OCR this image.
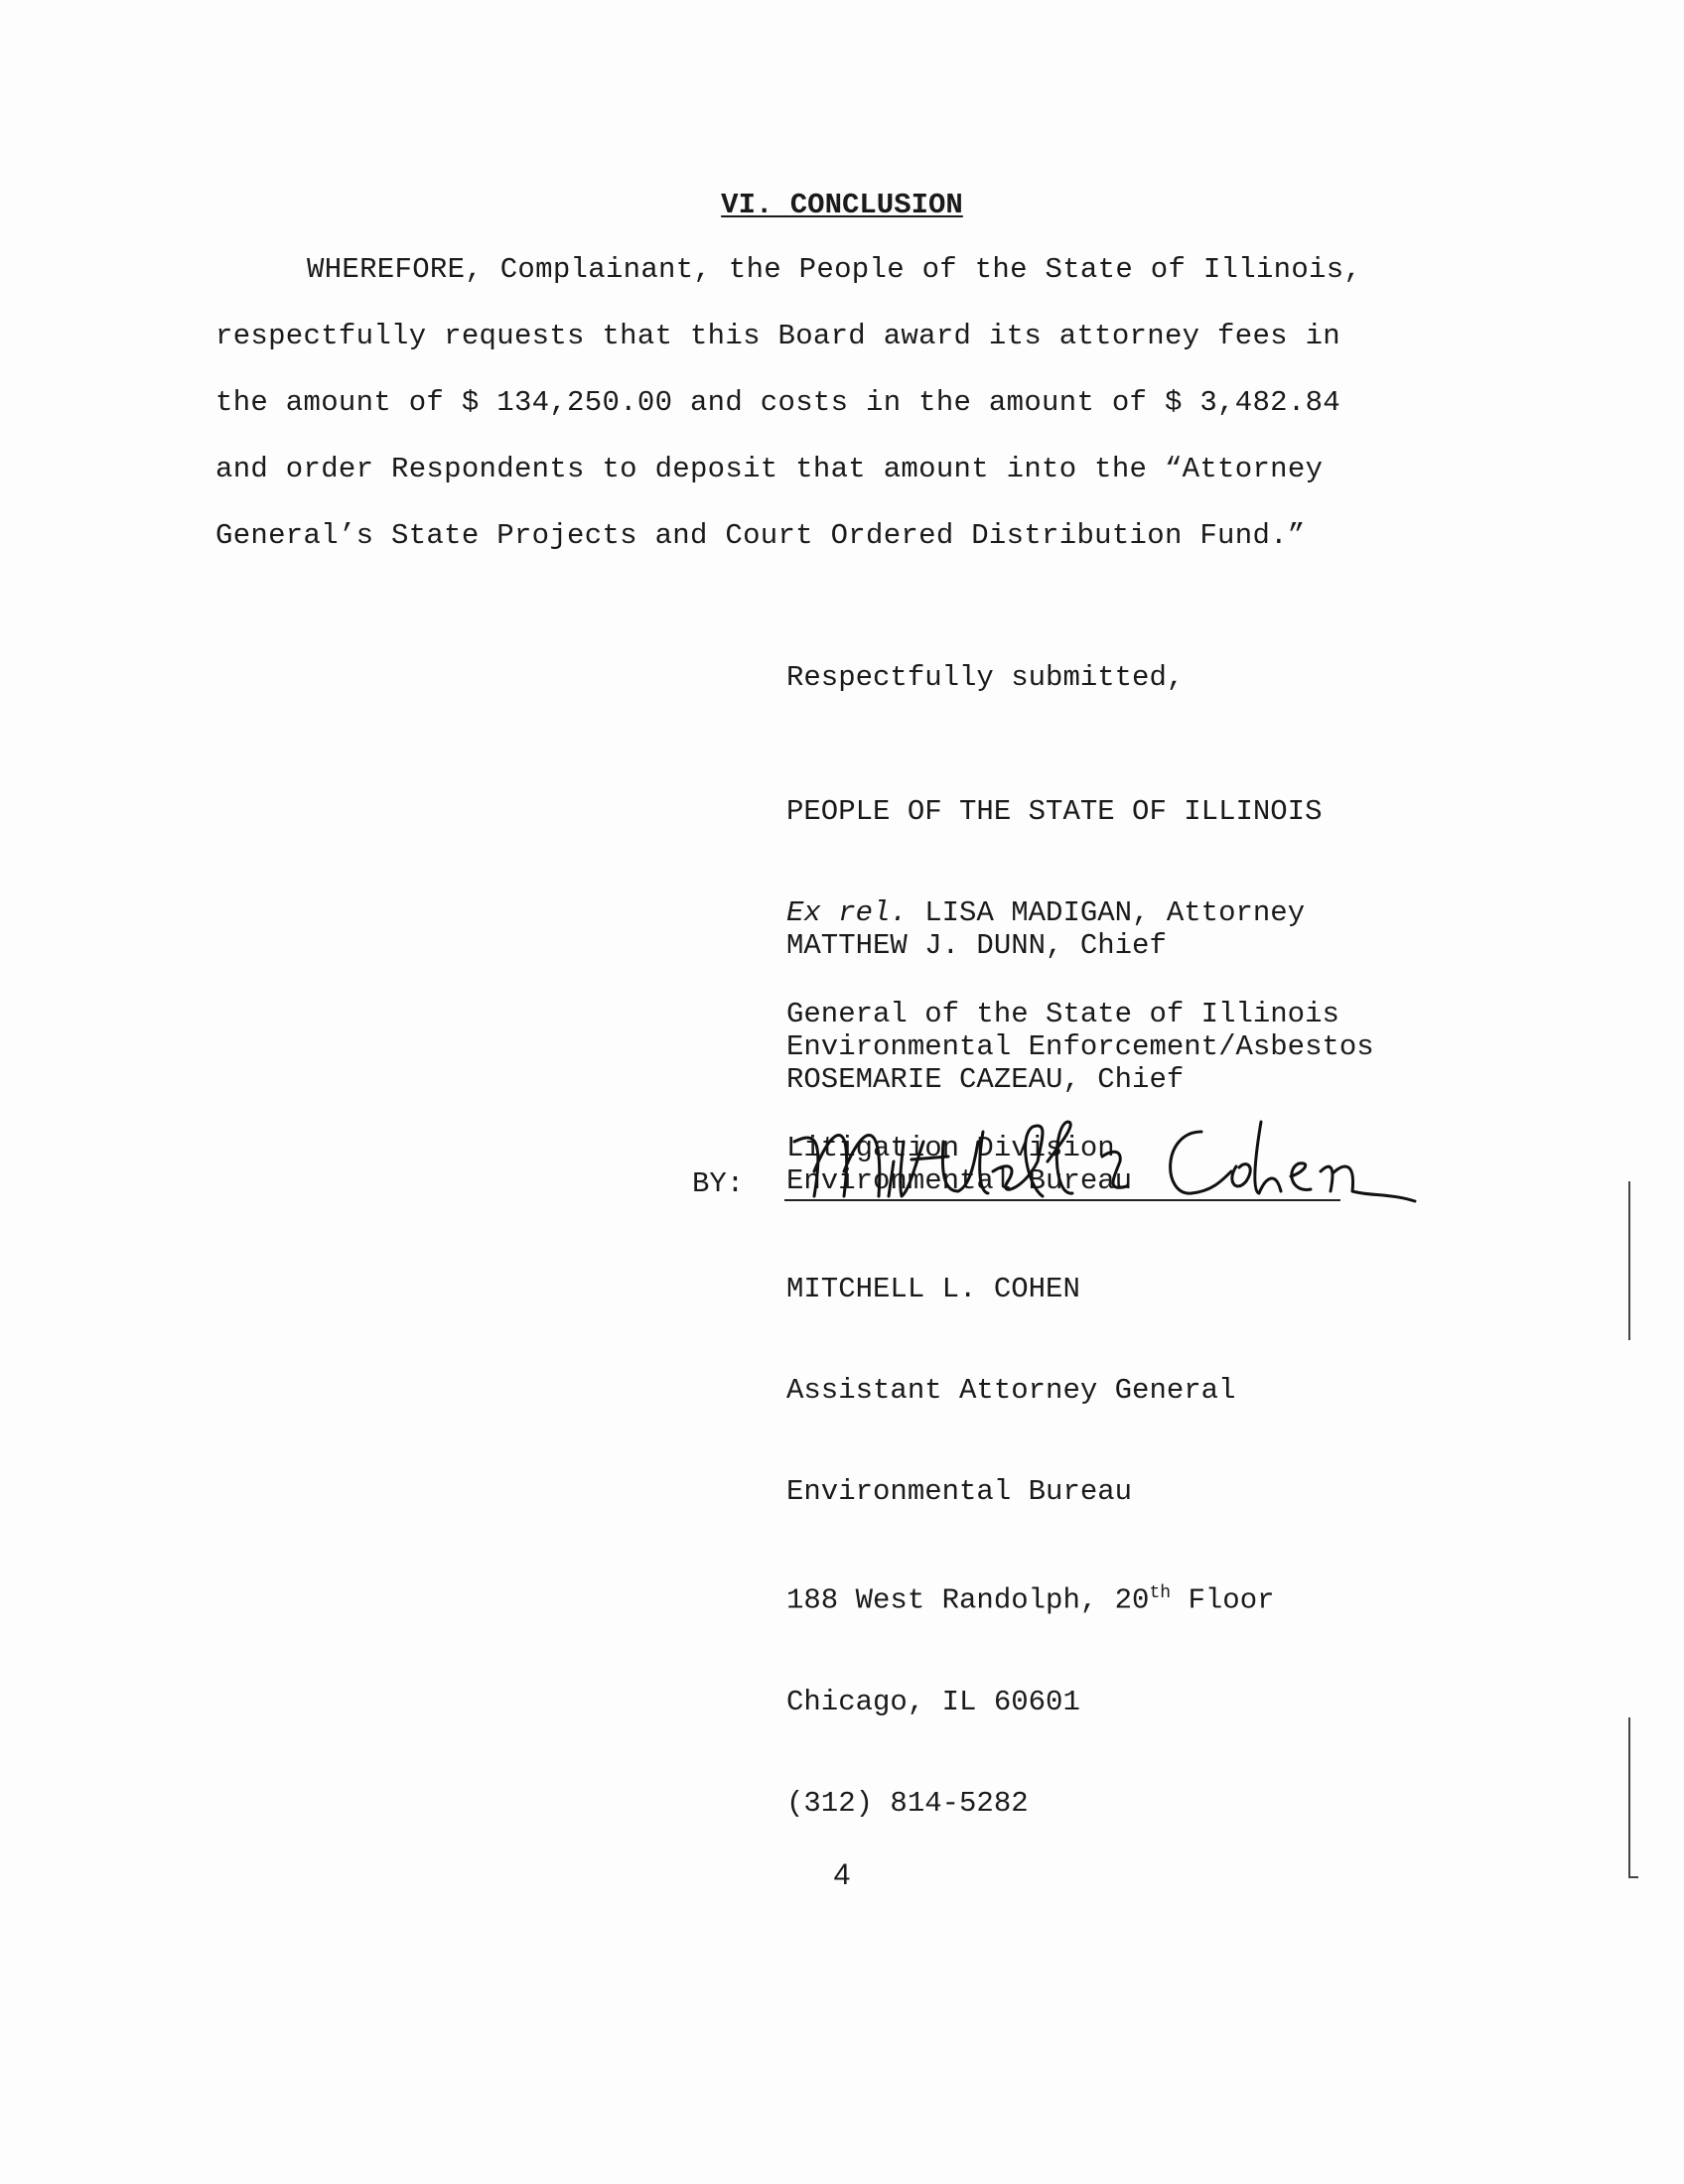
VI. CONCLUSION
WHEREFORE, Complainant, the People of the State of Illinois,
respectfully requests that this Board award its attorney fees in
the amount of $ 134,250.00 and costs in the amount of $ 3,482.84
and order Respondents to deposit that amount into the “Attorney
General’s State Projects and Court Ordered Distribution Fund.”
Respectfully submitted,

PEOPLE OF THE STATE OF ILLINOIS

Ex rel. LISA MADIGAN, Attorney

General of the State of Illinois

MATTHEW J. DUNN, Chief

Environmental Enforcement/Asbestos

Litigation Division

ROSEMARIE CAZEAU, Chief

Environmental Bureau

BY:
Mitchell L. Cohen

MITCHELL L. COHEN

Assistant Attorney General

Environmental Bureau

188 West Randolph, 20th Floor

Chicago, IL 60601

(312) 814-5282

4
